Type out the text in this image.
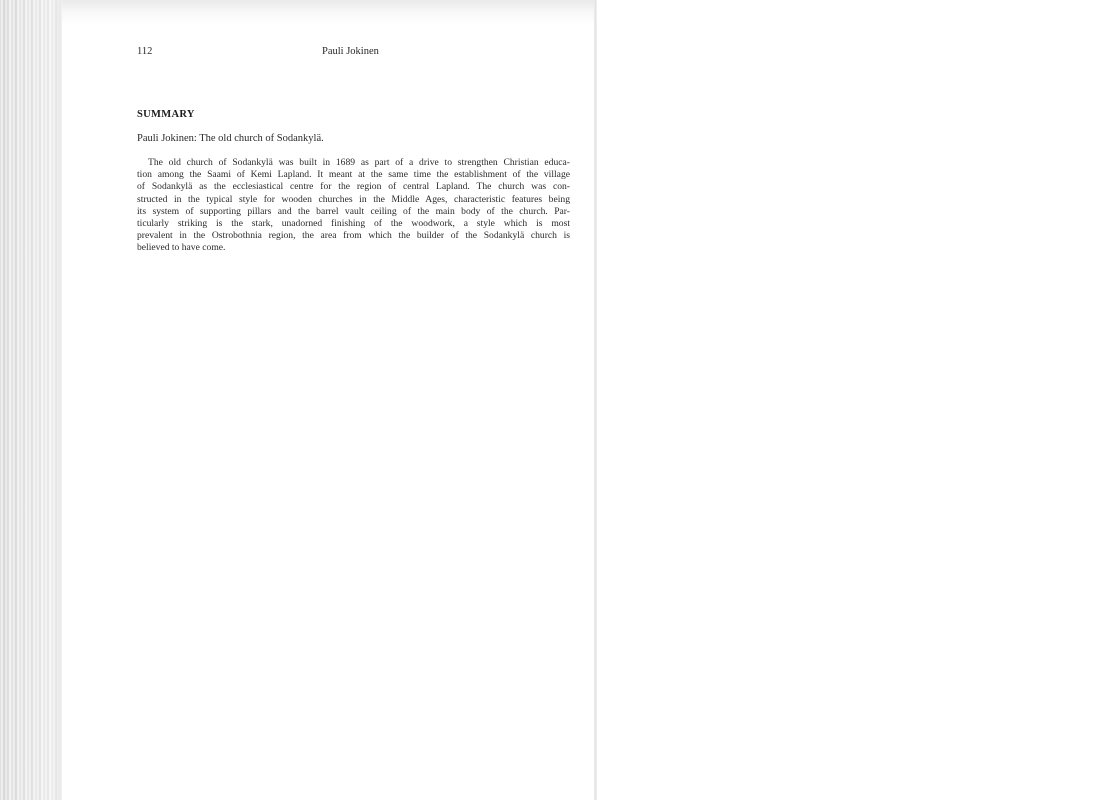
112	Pauli Jokinen
SUMMARY

Pauli Jokinen: The old church of Sodankylä.

The old church of Sodankylä was built in 1689 as part of a drive to strengthen Christian educa-
tion among the Saami of Kemi Lapland. It meant at the same time the establishment of the village
of Sodankylä as the ecclesiastical centre for the region of central Lapland. The church was con-
structed in the typical style for wooden churches in the Middle Ages, characteristic features being
its system of supporting pillars and the barrel vault ceiling of the main body of the church. Par-
ticularly striking is the stark, unadorned finishing of the woodwork, a style which is most
prevalent in the Ostrobothnia region, the area from which the builder of the Sodankylä church is
believed to have come.
